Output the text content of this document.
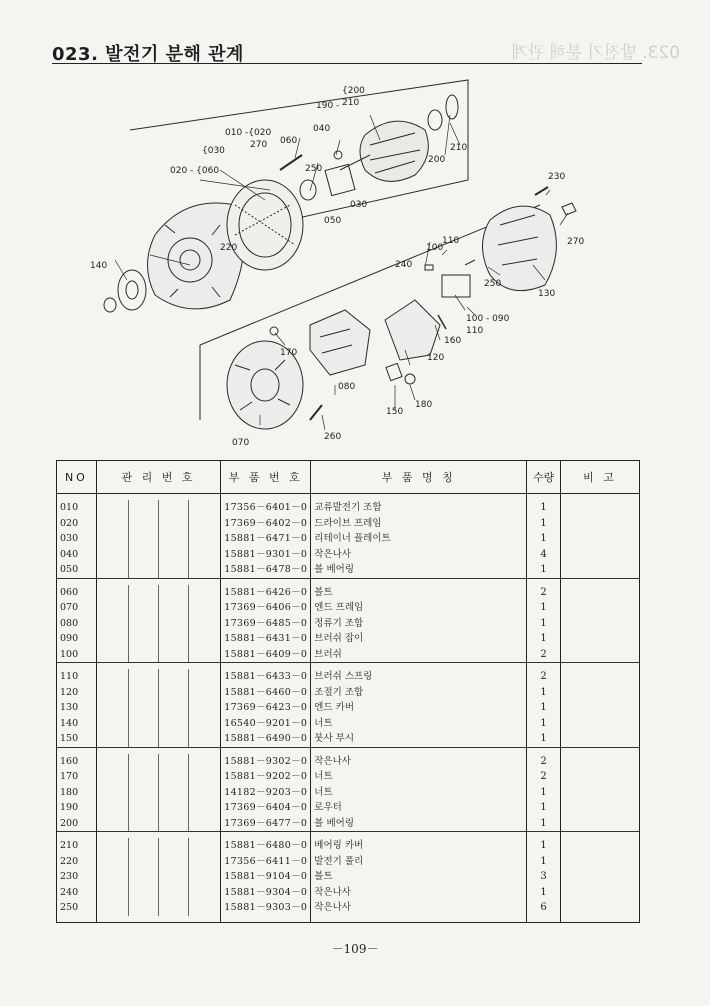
023. 발전기 분해 관계	023. 발전기 분해 관계
{030
020 - {060
010 -{020
270 060
040
190 -
{200
210
250
050
030
200
210
230
270
100
110
240
250
130
100 - 090
110
160
120
220
140
170
080
180
150
070
260
NO	관 리 번 호	부 품 번 호	부 품 명 칭	수량	비 고

010		17356－6401－0	교류발전기 조합	1	
020		17369－6402－0	드라이브 프레임	1	
030		15881－6471－0	리테이너 플레이트	1	
040		15881－9301－0	작은나사	4	
050		15881－6478－0	볼 베어링	1	

060		15881－6426－0	볼트	2	
070		17369－6406－0	엔드 프레임	1	
080		17369－6485－0	정류기 조합	1	
090		15881－6431－0	브러쉬 잡이	1	
100		15881－6409－0	브러쉬	2	

110		15881－6433－0	브러쉬 스프링	2	
120		15881－6460－0	조절기 조합	1	
130		17369－6423－0	엔드 카버	1	
140		16540－9201－0	너트	1	
150		15881－6490－0	붓사 부시	1	

160		15881－9302－0	작은나사	2	
170		15881－9202－0	너트	2	
180		14182－9203－0	너트	1	
190		17369－6404－0	로우터	1	
200		17369－6477－0	볼 베어링	1	

210		15881－6480－0	베어링 카버	1	
220		17356－6411－0	발전기 풀리	1	
230		15881－9104－0	볼트	3	
240		15881－9304－0	작은나사	1	
250		15881－9303－0	작은나사	6	

－109－
